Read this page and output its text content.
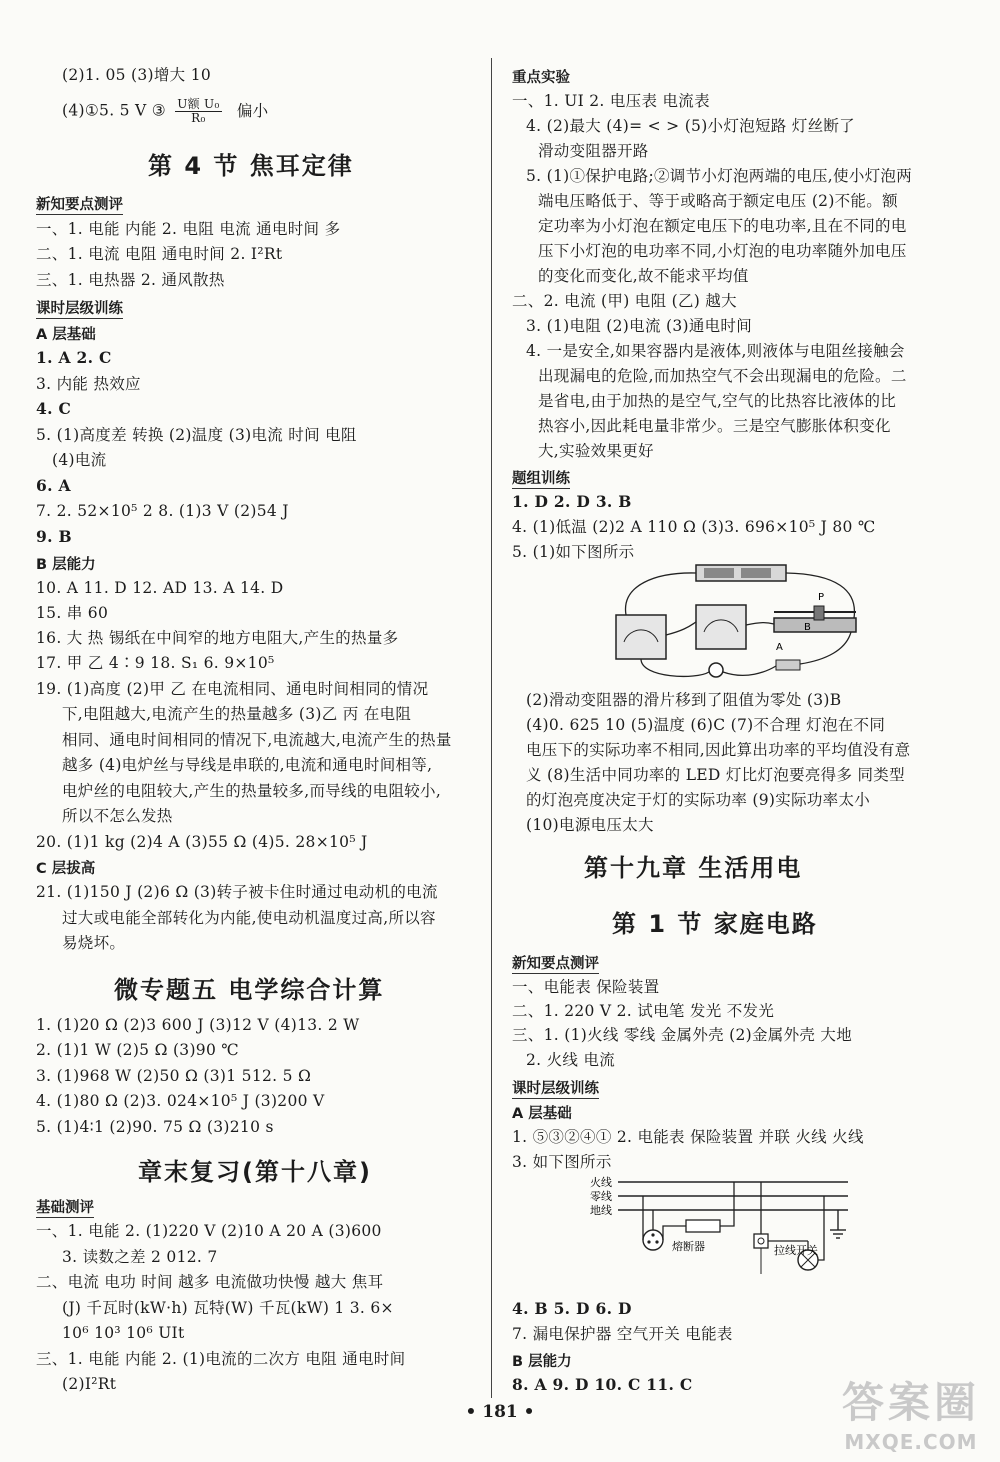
(2)1. 05 (3)增大 10
(4)①5. 5 V ③ $\frac{\text{U额 U₀}}{\text{R₀}}$ 偏小
第 4 节 焦耳定律
新知要点测评
一、1. 电能 内能 2. 电阻 电流 通电时间 多
二、1. 电流 电阻 通电时间 2. I²Rt
三、1. 电热器 2. 通风散热
课时层级训练
A 层基础
1. A 2. C
3. 内能 热效应
4. C
5. (1)高度差 转换 (2)温度 (3)电流 时间 电阻
(4)电流
6. A
7. 2. 52×10⁵ 2 8. (1)3 V (2)54 J
9. B
B 层能力
10. A 11. D 12. AD 13. A 14. D
15. 串 60
16. 大 热 锡纸在中间窄的地方电阻大,产生的热量多
17. 甲 乙 4∶9 18. S₁ 6. 9×10⁵
19. (1)高度 (2)甲 乙 在电流相同、通电时间相同的情况
下,电阻越大,电流产生的热量越多 (3)乙 丙 在电阻
相同、通电时间相同的情况下,电流越大,电流产生的热量
越多 (4)电炉丝与导线是串联的,电流和通电时间相等,
电炉丝的电阻较大,产生的热量较多,而导线的电阻较小,
所以不怎么发热
20. (1)1 kg (2)4 A (3)55 Ω (4)5. 28×10⁵ J
C 层拔高
21. (1)150 J (2)6 Ω (3)转子被卡住时通过电动机的电流
过大或电能全部转化为内能,使电动机温度过高,所以容
易烧坏。
微专题五 电学综合计算
1. (1)20 Ω (2)3 600 J (3)12 V (4)13. 2 W
2. (1)1 W (2)5 Ω (3)90 ℃
3. (1)968 W (2)50 Ω (3)1 512. 5 Ω
4. (1)80 Ω (2)3. 024×10⁵ J (3)200 V
5. (1)4∶1 (2)90. 75 Ω (3)210 s
章末复习(第十八章)
基础测评
一、1. 电能 2. (1)220 V (2)10 A 20 A (3)600
3. 读数之差 2 012. 7
二、电流 电功 时间 越多 电流做功快慢 越大 焦耳
(J) 千瓦时(kW·h) 瓦特(W) 千瓦(kW) 1 3. 6×
10⁶ 10³ 10⁶ UIt
三、1. 电能 内能 2. (1)电流的二次方 电阻 通电时间
(2)I²Rt
重点实验
一、1. UI 2. 电压表 电流表
4. (2)最大 (4)= < > (5)小灯泡短路 灯丝断了
滑动变阻器开路
5. (1)①保护电路;②调节小灯泡两端的电压,使小灯泡两
端电压略低于、等于或略高于额定电压 (2)不能。额
定功率为小灯泡在额定电压下的电功率,且在不同的电
压下小灯泡的电功率不同,小灯泡的电功率随外加电压
的变化而变化,故不能求平均值
二、2. 电流 (甲) 电阻 (乙) 越大
3. (1)电阻 (2)电流 (3)通电时间
4. 一是安全,如果容器内是液体,则液体与电阻丝接触会
出现漏电的危险,而加热空气不会出现漏电的危险。二
是省电,由于加热的是空气,空气的比热容比液体的比
热容小,因此耗电量非常少。三是空气膨胀体积变化
大,实验效果更好
题组训练
1. D 2. D 3. B
4. (1)低温 (2)2 A 110 Ω (3)3. 696×10⁵ J 80 ℃
5. (1)如下图所示
P
A
B
(2)滑动变阻器的滑片移到了阻值为零处 (3)B
(4)0. 625 10 (5)温度 (6)C (7)不合理 灯泡在不同
电压下的实际功率不相同,因此算出功率的平均值没有意
义 (8)生活中同功率的 LED 灯比灯泡要亮得多 同类型
的灯泡亮度决定于灯的实际功率 (9)实际功率太小
(10)电源电压太大
第十九章 生活用电
第 1 节 家庭电路
新知要点测评
一、电能表 保险装置
二、1. 220 V 2. 试电笔 发光 不发光
三、1. (1)火线 零线 金属外壳 (2)金属外壳 大地
2. 火线 电流
课时层级训练
A 层基础
1. ⑤③②④① 2. 电能表 保险装置 并联 火线 火线
3. 如下图所示
火线
零线
地线
熔断器	拉线开关
4. B 5. D 6. D
7. 漏电保护器 空气开关 电能表
B 层能力
8. A 9. D 10. C 11. C
• 181 •	答案圈
MXQE.COM
